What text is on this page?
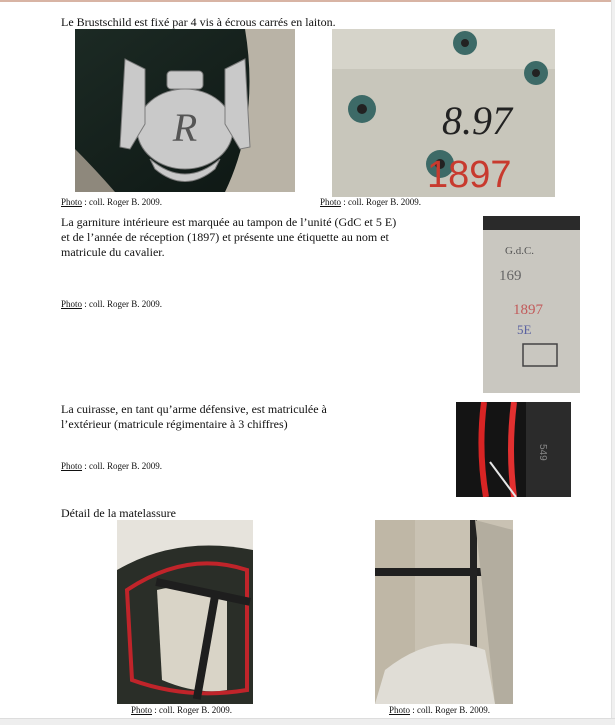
Le Brustschild est fixé par 4 vis à écrous carrés en laiton.
R	8.97
1897
Photo : coll. Roger B. 2009.	Photo : coll. Roger B. 2009.
La garniture intérieure est marquée au tampon de l’unité (GdC et 5 E)
et de l’année de réception (1897) et présente une étiquette au nom et
matricule du cavalier.
Photo : coll. Roger B. 2009.
G.d.C.
169
1897
5E
La cuirasse, en tant qu’arme défensive, est matriculée à
l’extérieur (matricule régimentaire à 3 chiffres)
Photo : coll. Roger B. 2009.
549
Détail de la matelassure
Photo : coll. Roger B. 2009.	Photo : coll. Roger B. 2009.
